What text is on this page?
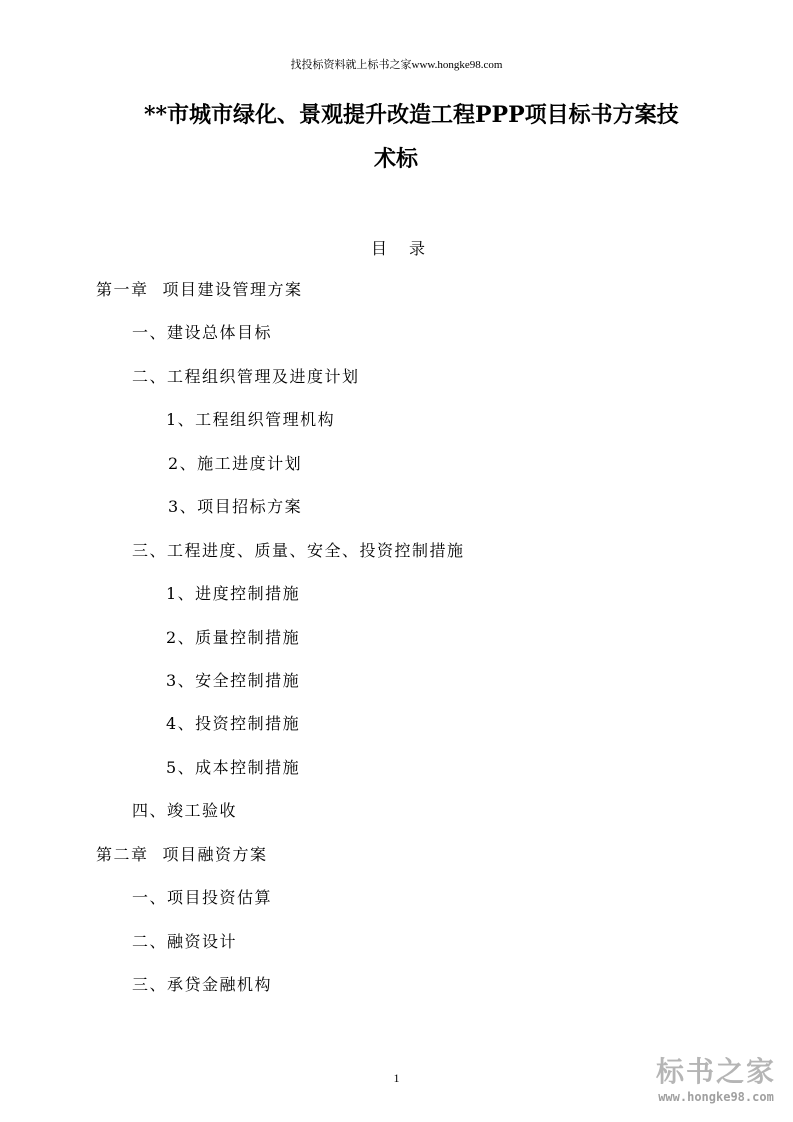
找投标资料就上标书之家www.hongke98.com
**市城市绿化、景观提升改造工程PPP项目标书方案技
术标
目 录
第一章 项目建设管理方案
一、建设总体目标
二、工程组织管理及进度计划
1、工程组织管理机构
2、施工进度计划
3、项目招标方案
三、工程进度、质量、安全、投资控制措施
1、进度控制措施
2、质量控制措施
3、安全控制措施
4、投资控制措施
5、成本控制措施
四、竣工验收
第二章 项目融资方案
一、项目投资估算
二、融资设计
三、承贷金融机构
1	标书之家
www.hongke98.com
